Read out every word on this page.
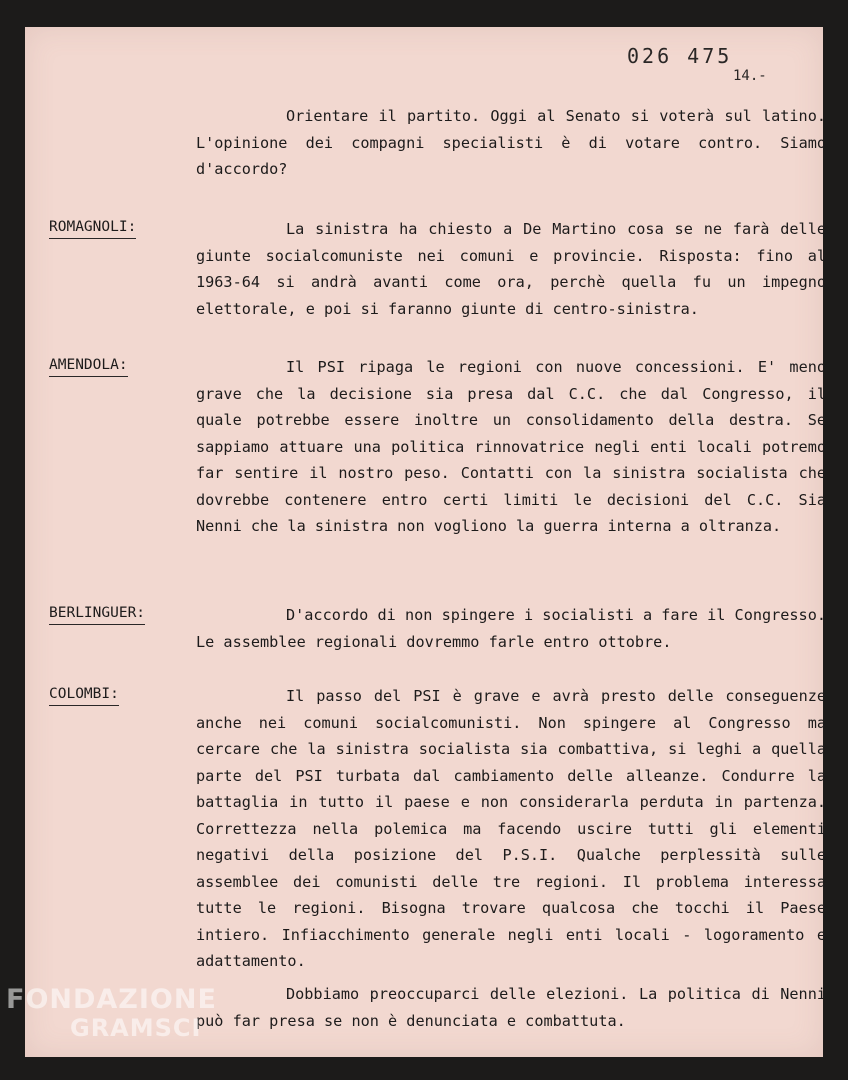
026 475
14.-
Orientare il partito. Oggi al Senato si voterà sul latino. L'opinione dei compagni specialisti è di votare contro. Siamo d'accordo?
ROMAGNOLI:	La sinistra ha chiesto a De Martino cosa se ne farà delle giunte socialcomuniste nei comuni e provincie. Risposta: fino al 1963-64 si andrà avanti come ora, perchè quella fu un impegno elettorale, e poi si faranno giunte di centro-sinistra.
AMENDOLA:	Il PSI ripaga le regioni con nuove concessioni. E' meno grave che la decisione sia presa dal C.C. che dal Congresso, il quale potrebbe essere inoltre un consolidamento della destra. Se sappiamo attuare una politica rinnovatrice negli enti locali potremo far sentire il nostro peso. Contatti con la sinistra socialista che dovrebbe contenere entro certi limiti le decisioni del C.C. Sia Nenni che la sinistra non vogliono la guerra interna a oltranza.
BERLINGUER:	D'accordo di non spingere i socialisti a fare il Congresso. Le assemblee regionali dovremmo farle entro ottobre.
COLOMBI:	Il passo del PSI è grave e avrà presto delle conseguenze anche nei comuni socialcomunisti. Non spingere al Congresso ma cercare che la sinistra socialista sia combattiva, si leghi a quella parte del PSI turbata dal cambiamento delle alleanze. Condurre la battaglia in tutto il paese e non considerarla perduta in partenza. Correttezza nella polemica ma facendo uscire tutti gli elementi negativi della posizione del P.S.I. Qualche perplessità sulle assemblee dei comunisti delle tre regioni. Il problema interessa tutte le regioni. Bisogna trovare qualcosa che tocchi il Paese intiero. Infiacchimento generale negli enti locali - logoramento e adattamento.
Dobbiamo preoccuparci delle elezioni. La politica di Nenni può far presa se non è denunciata e combattuta.
FONDAZIONE
GRAMSCI
